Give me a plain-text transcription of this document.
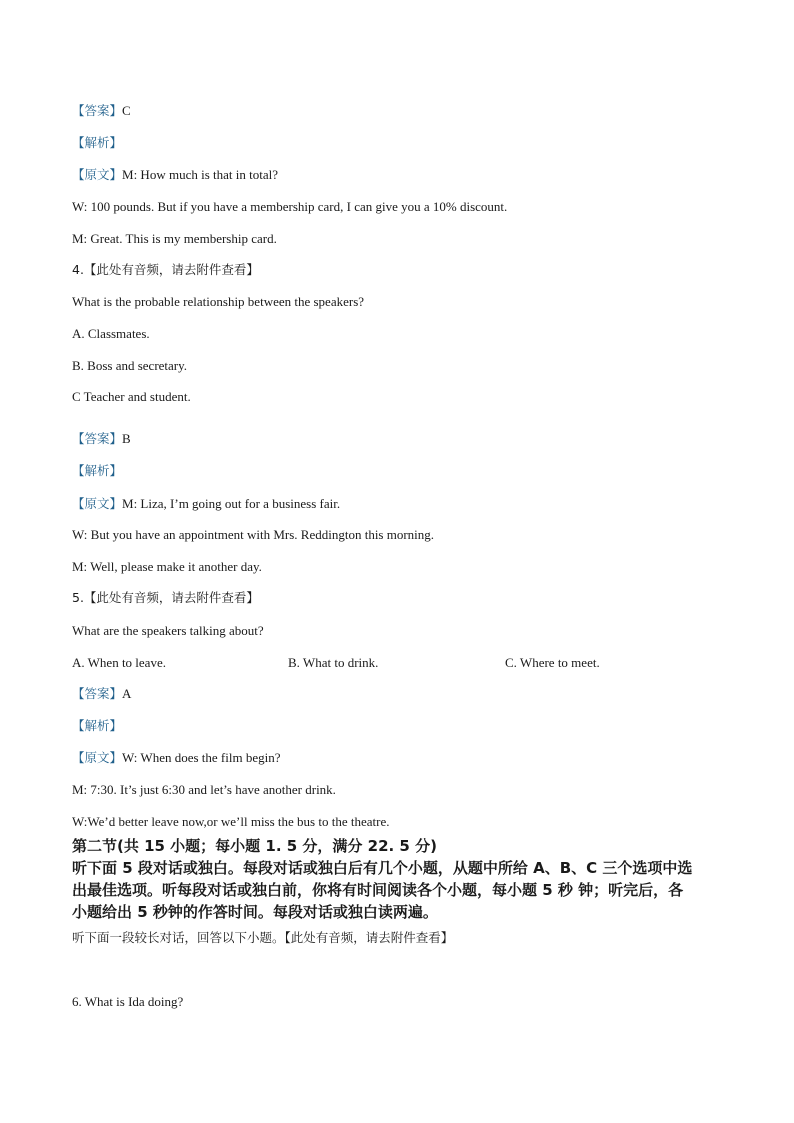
【答案】C
【解析】
【原文】M: How much is that in total?
W: 100 pounds. But if you have a membership card, I can give you a 10% discount.
M: Great. This is my membership card.
4.【此处有音频，请去附件查看】
What is the probable relationship between the speakers?
A. Classmates.
B. Boss and secretary.
C Teacher and student.
【答案】B
【解析】
【原文】M: Liza, I’m going out for a business fair.
W: But you have an appointment with Mrs. Reddington this morning.
M: Well, please make it another day.
5.【此处有音频，请去附件查看】
What are the speakers talking about?
A. When to leave.	B. What to drink.	C. Where to meet.
【答案】A
【解析】
【原文】W: When does the film begin?
M: 7:30. It’s just 6:30 and let’s have another drink.
W:We’d better leave now,or we’ll miss the bus to the theatre.
第二节(共 15 小题；每小题 1. 5 分，满分 22. 5 分)
听下面 5 段对话或独白。每段对话或独白后有几个小题，从题中所给 A、B、C 三个选项中选
出最佳选项。听每段对话或独白前，你将有时间阅读各个小题，每小题 5 秒 钟；听完后，各
小题给出 5 秒钟的作答时间。每段对话或独白读两遍。
听下面一段较长对话，回答以下小题。【此处有音频，请去附件查看】
6. What is Ida doing?
